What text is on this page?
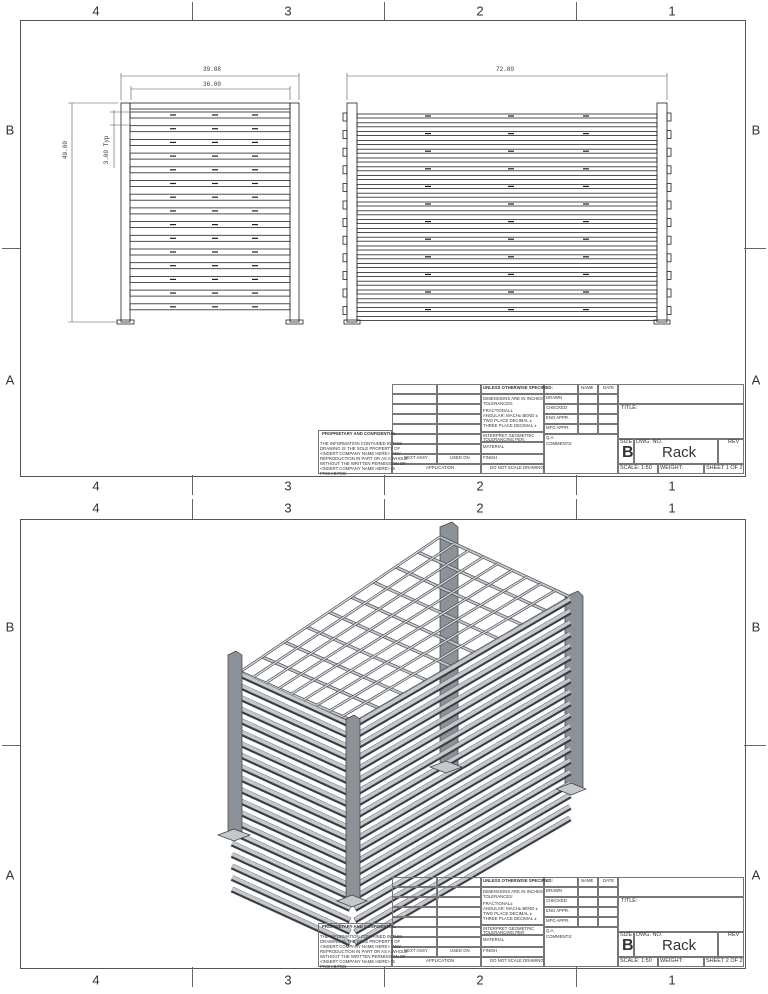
4	3	2	1
4	3	2	1
B
A
B
A
39.88
36.00
49.00	3.00 Typ
72.00
UNLESS OTHERWISE SPECIFIED:	NAME DATE
DIMENSIONS ARE IN INCHES
TOLERANCES:
FRACTIONAL±
ANGULAR: MACH± BEND ±
TWO PLACE DECIMAL ±
THREE PLACE DECIMAL ±
INTERPRET GEOMETRIC
TOLERANCING PER:
MATERIAL
FINISH
NEXT ASSY	USED ON
APPLICATION	DO NOT SCALE DRAWING
DRAWN
CHECKED
ENG APPR.
MFG APPR.
Q.A.
COMMENTS:
TITLE:
SIZE DWG. NO.	REV
B Rack
SCALE: 1:50 WEIGHT:	SHEET 1 OF 2
PROPRIETARY AND CONFIDENTIAL
THE INFORMATION CONTAINED IN THIS
DRAWING IS THE SOLE PROPERTY OF
<INSERT COMPANY NAME HERE>. ANY
REPRODUCTION IN PART OR AS A WHOLE
WITHOUT THE WRITTEN PERMISSION OF
<INSERT COMPANY NAME HERE> IS
PROHIBITED.
4	3	2	1
4	3	2	1
B
A
B
A
UNLESS OTHERWISE SPECIFIED:	NAME DATE
DIMENSIONS ARE IN INCHES
TOLERANCES:
FRACTIONAL±
ANGULAR: MACH± BEND ±
TWO PLACE DECIMAL ±
THREE PLACE DECIMAL ±
INTERPRET GEOMETRIC
TOLERANCING PER:
MATERIAL
FINISH
NEXT ASSY	USED ON
APPLICATION	DO NOT SCALE DRAWING
DRAWN
CHECKED
ENG APPR.
MFG APPR.
Q.A.
COMMENTS:
TITLE:
SIZE DWG. NO.	REV
B Rack
SCALE: 1:50 WEIGHT:	SHEET 2 OF 2
PROPRIETARY AND CONFIDENTIAL
THE INFORMATION CONTAINED IN THIS
DRAWING IS THE SOLE PROPERTY OF
<INSERT COMPANY NAME HERE>. ANY
REPRODUCTION IN PART OR AS A WHOLE
WITHOUT THE WRITTEN PERMISSION OF
<INSERT COMPANY NAME HERE> IS
PROHIBITED.
